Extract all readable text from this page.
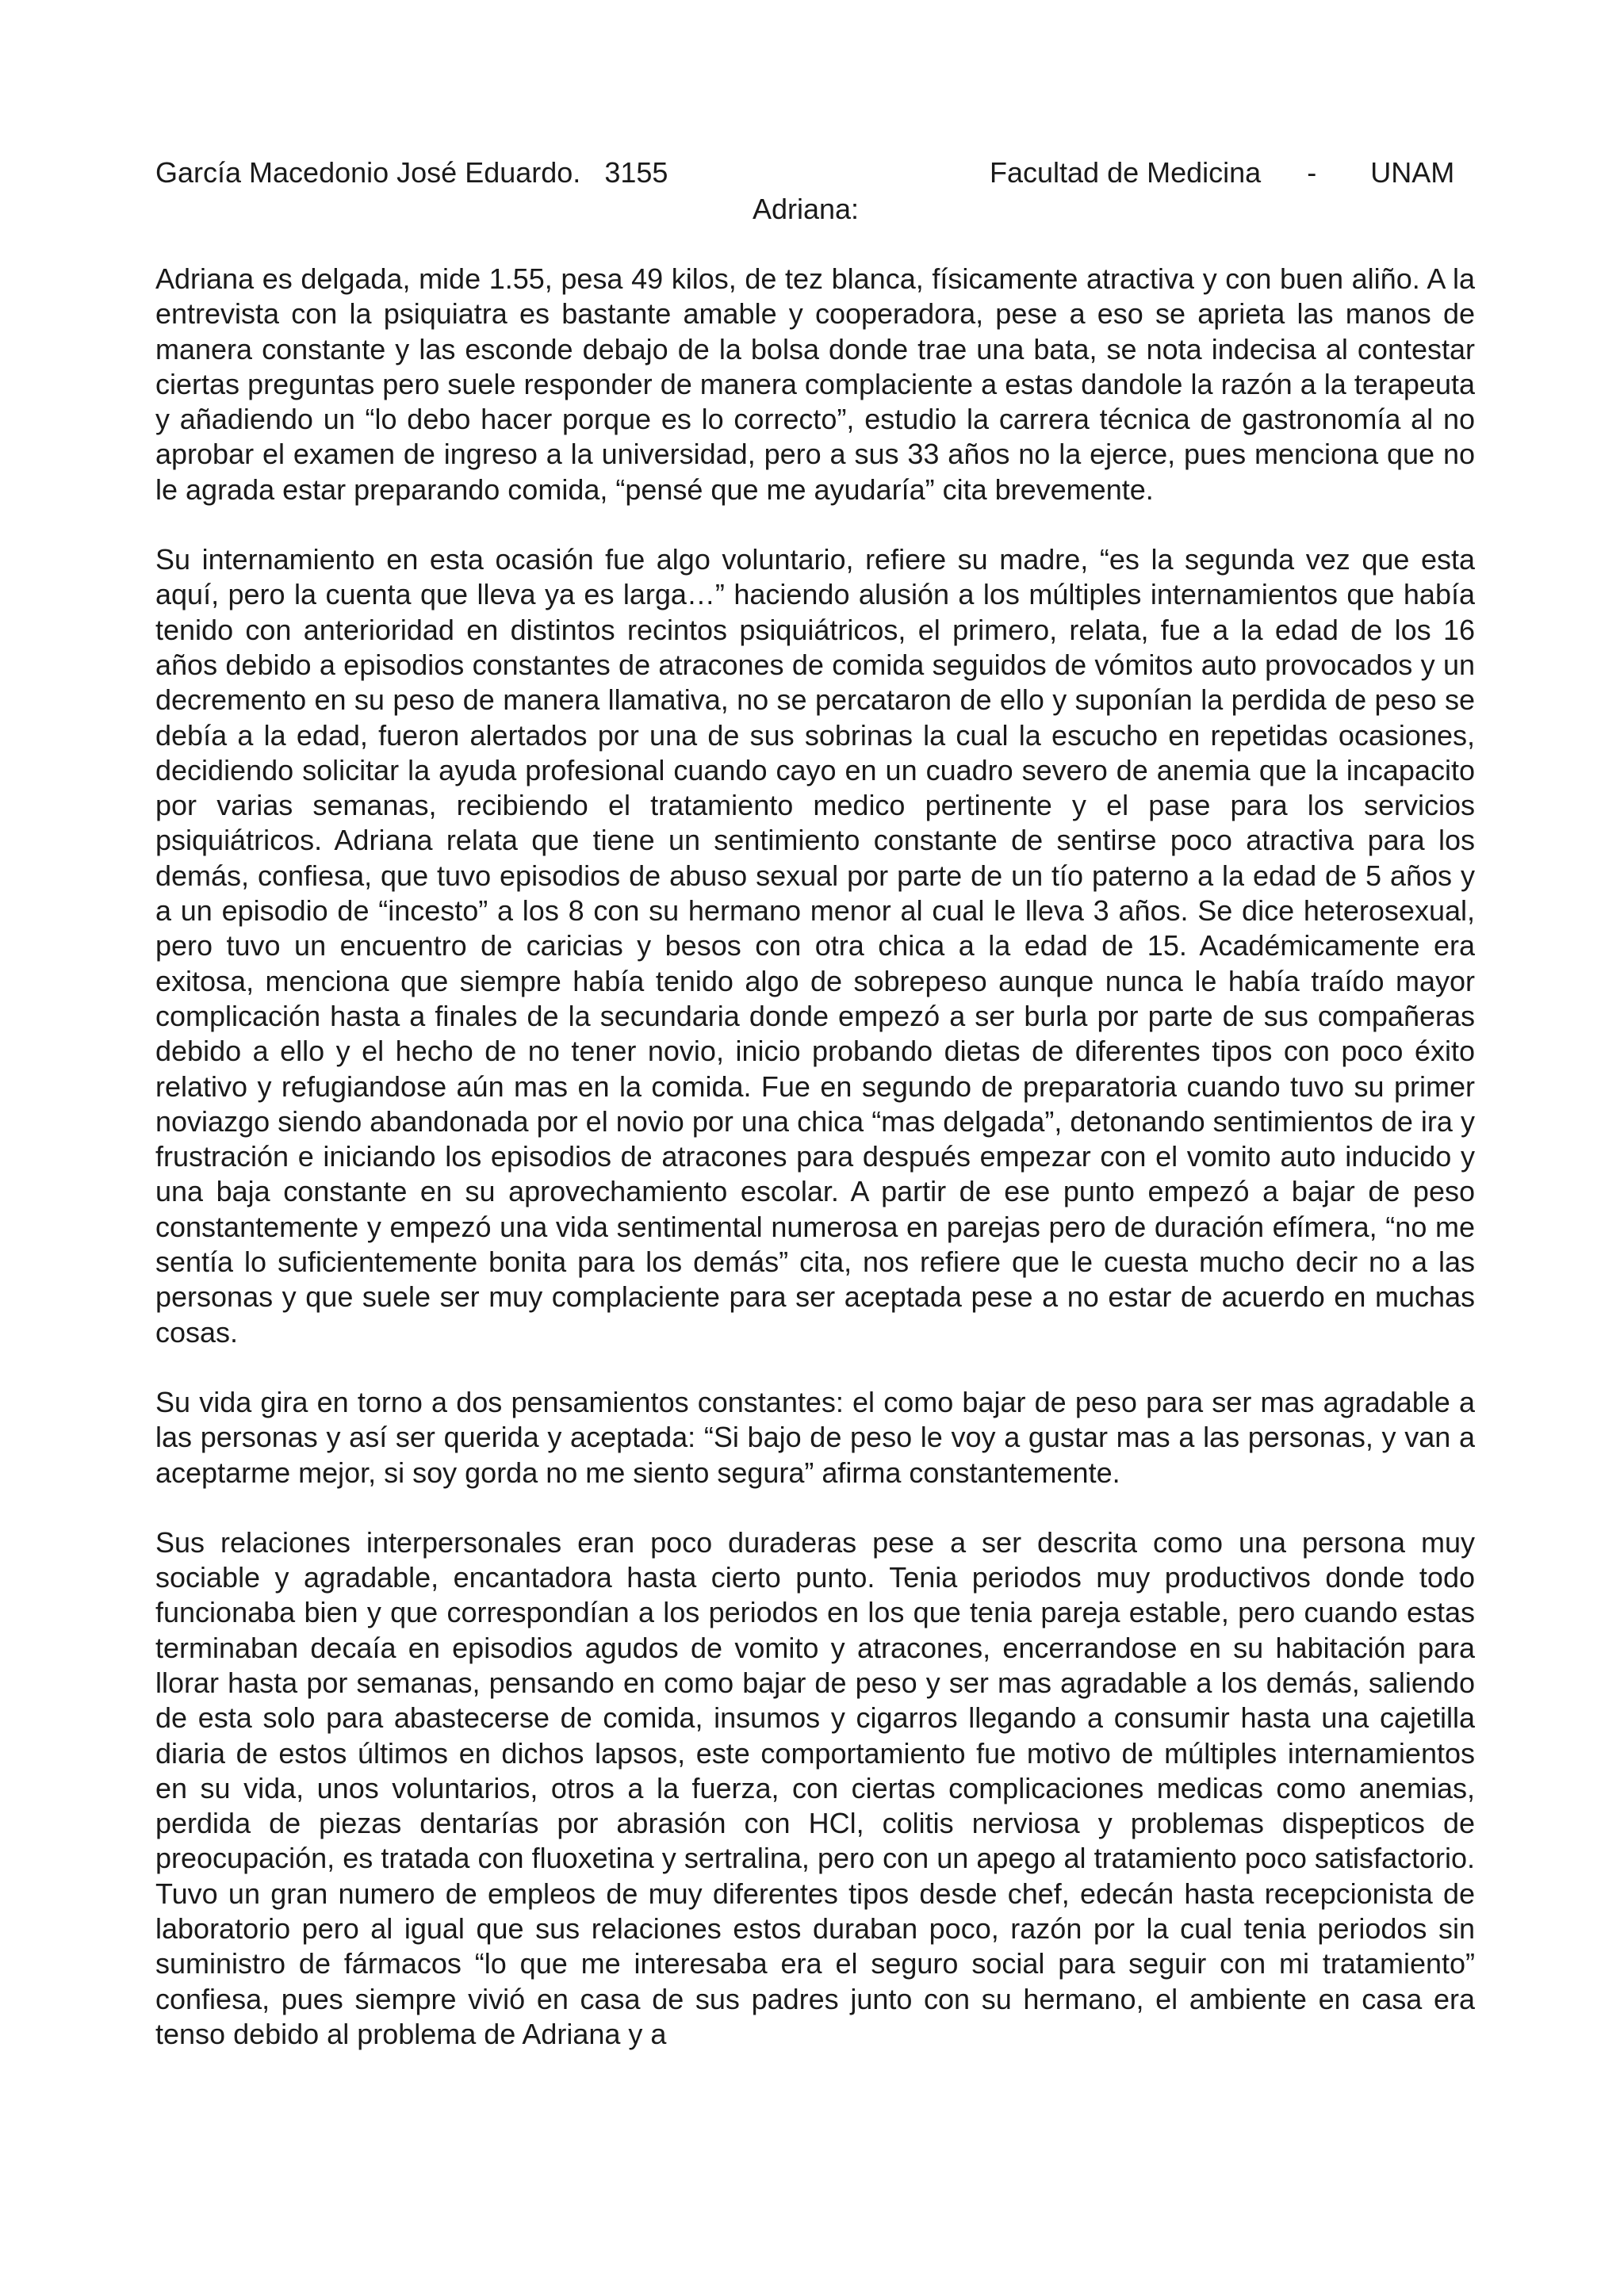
García Macedonio José Eduardo.   3155	Facultad de Medicina - UNAM
Adriana:

Adriana es delgada, mide 1.55, pesa 49 kilos, de tez blanca, físicamente atractiva y con buen aliño. A la entrevista con la psiquiatra es bastante amable y cooperadora, pese a eso se aprieta las manos de manera constante y las esconde debajo de la bolsa donde trae una bata, se nota indecisa al contestar ciertas preguntas pero suele responder de manera complaciente a estas dandole la razón a la terapeuta y añadiendo un “lo debo hacer porque es lo correcto”, estudio la carrera técnica de gastronomía al no aprobar el examen de ingreso a la universidad, pero a sus 33 años no la ejerce, pues menciona que no le agrada estar preparando comida, “pensé que me ayudaría” cita brevemente.

Su internamiento en esta ocasión fue algo voluntario, refiere su madre, “es la segunda vez que esta aquí, pero la cuenta que lleva ya es larga…” haciendo alusión a los múltiples internamientos que había tenido con anterioridad en distintos recintos psiquiátricos, el primero, relata, fue a la edad de los 16 años debido a episodios constantes de atracones de comida seguidos de vómitos auto provocados y un decremento en su peso de manera llamativa, no se percataron de ello y suponían la perdida de peso se debía a la edad, fueron alertados por una de sus sobrinas la cual la escucho en repetidas ocasiones, decidiendo solicitar la ayuda profesional cuando cayo en un cuadro severo de anemia que la incapacito por varias semanas, recibiendo el tratamiento medico pertinente y el pase para los servicios psiquiátricos. Adriana relata que tiene un sentimiento constante de sentirse poco atractiva para los demás, confiesa, que tuvo episodios de abuso sexual por parte de un tío paterno a la edad de 5 años y a un episodio de “incesto” a los 8 con su hermano menor al cual le lleva 3 años. Se dice heterosexual, pero tuvo un encuentro de caricias y besos con otra chica a la edad de 15. Académicamente era exitosa, menciona que siempre había tenido algo de sobrepeso aunque nunca le había traído mayor complicación hasta a finales de la secundaria donde empezó a ser burla por parte de sus compañeras debido a ello y el hecho de no tener novio, inicio probando dietas de diferentes tipos con poco éxito relativo y refugiandose aún mas en la comida. Fue en segundo de preparatoria cuando tuvo su primer noviazgo siendo abandonada por el novio por una chica “mas delgada”, detonando sentimientos de ira y frustración e iniciando los episodios de atracones para después empezar con el vomito auto inducido y una baja constante en su aprovechamiento escolar. A partir de ese punto empezó a bajar de peso constantemente y empezó una vida sentimental numerosa en parejas pero de duración efímera, “no me sentía lo suficientemente bonita para los demás” cita, nos refiere que le cuesta mucho decir no a las personas y que suele ser muy complaciente para ser aceptada pese a no estar de acuerdo en muchas cosas.

Su vida gira en torno a dos pensamientos constantes: el como bajar de peso para ser mas agradable a las personas y así ser querida y aceptada: “Si bajo de peso le voy a gustar mas a las personas, y van a aceptarme mejor, si soy gorda no me siento segura” afirma constantemente.

Sus relaciones interpersonales eran poco duraderas pese a ser descrita como una persona muy sociable y agradable, encantadora hasta cierto punto. Tenia periodos muy productivos donde todo funcionaba bien y que correspondían a los periodos en los que tenia pareja estable, pero cuando estas terminaban decaía en episodios agudos de vomito y atracones, encerrandose en su habitación para llorar hasta por semanas, pensando en como bajar de peso y ser mas agradable a los demás, saliendo de esta solo para abastecerse de comida, insumos y cigarros llegando a consumir hasta una cajetilla diaria de estos últimos en dichos lapsos, este comportamiento fue motivo de múltiples internamientos en su vida, unos voluntarios, otros a la fuerza, con ciertas complicaciones medicas como anemias, perdida de piezas dentarías por abrasión con HCl, colitis nerviosa y problemas dispepticos de preocupación, es tratada con fluoxetina y sertralina, pero con un apego al tratamiento poco satisfactorio. Tuvo un gran numero de empleos de muy diferentes tipos desde chef, edecán hasta recepcionista de laboratorio pero al igual que sus relaciones estos duraban poco, razón por la cual tenia periodos sin suministro de fármacos “lo que me interesaba era el seguro social para seguir con mi tratamiento” confiesa, pues siempre vivió en casa de sus padres junto con su hermano, el ambiente en casa era tenso debido al problema de Adriana y a
